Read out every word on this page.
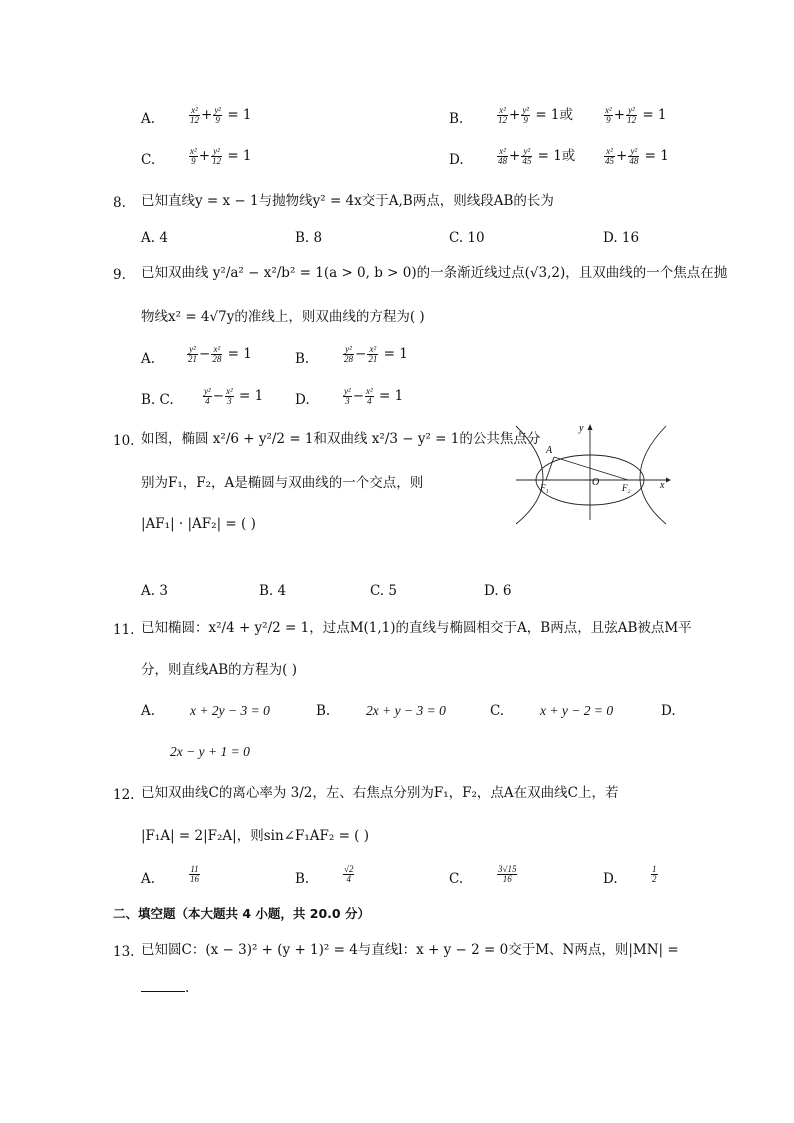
A.	$\frac{\text{x²}}{12} + \frac{\text{y²}}{9} = 1$	B.	$\frac{\text{x²}}{12} + \frac{\text{y²}}{9} = 1$或	$\frac{\text{x²}}{9} + \frac{\text{y²}}{12} = 1$
C.	$\frac{\text{x²}}{9} + \frac{\text{y²}}{12} = 1$	D.	$\frac{\text{x²}}{48} + \frac{\text{y²}}{45} = 1$或	$\frac{\text{x²}}{45} + \frac{\text{y²}}{48} = 1$
8. 已知直线y = x − 1与抛物线y² = 4x交于A,B两点，则线段AB的长为
A. 4	B. 8	C. 10	D. 16
9. 已知双曲线 y²/a² − x²/b² = 1(a > 0, b > 0)的一条渐近线过点(√3,2)，且双曲线的一个焦点在抛
物线x² = 4√7y的准线上，则双曲线的方程为( )
A.	$\frac{\text{y²}}{21} - \frac{\text{x²}}{28} = 1$	B.	$\frac{\text{y²}}{28} - \frac{\text{x²}}{21} = 1$
B. C.	$\frac{\text{y²}}{4} - \frac{\text{x²}}{3} = 1$ D.	$\frac{\text{y²}}{3} - \frac{\text{x²}}{4} = 1$
10. 如图，椭圆 x²/6 + y²/2 = 1和双曲线 x²/3 − y² = 1的公共焦点分
别为F₁，F₂，A是椭圆与双曲线的一个交点，则
|AF₁| · |AF₂| = ( )
A
O
F₁	F₂
y
x
A. 3	B. 4	C. 5	D. 6
11. 已知椭圆：x²/4 + y²/2 = 1，过点M(1,1)的直线与椭圆相交于A，B两点，且弦AB被点M平
分，则直线AB的方程为( )
A.	x + 2y − 3 = 0	B.	2x + y − 3 = 0	C.	x + y − 2 = 0	D.
2x − y + 1 = 0
12. 已知双曲线C的离心率为 3/2，左、右焦点分别为F₁，F₂，点A在双曲线C上，若
|F₁A| = 2|F₂A|，则sin∠F₁AF₂ = ( )
A.	$\frac{11}{16}$	B.	$\frac{√2}{4}$	C.	$\frac{3√15}{16}$	D.	$\frac{1}{2}$
二、填空题（本大题共 4 小题，共 20.0 分）
13. 已知圆C：(x − 3)² + (y + 1)² = 4与直线l：x + y − 2 = 0交于M、N两点，则|MN| =
.
